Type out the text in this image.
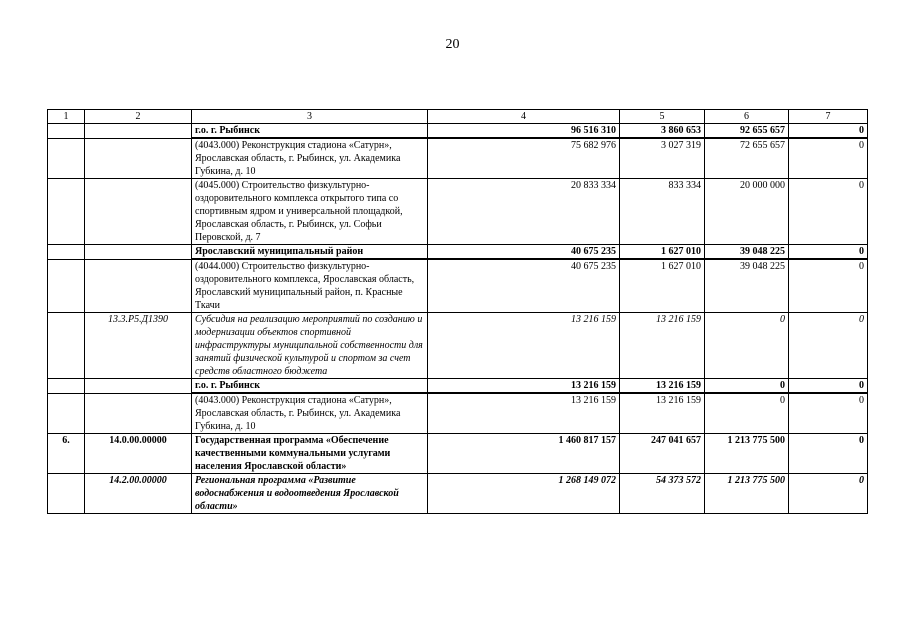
20
1	2	3	4	5	6	7
		г.о. г. Рыбинск	96 516 310	3 860 653	92 655 657	0
		(4043.000) Реконструкция стадиона «Сатурн», Ярославская область, г. Рыбинск, ул. Академика Губкина, д. 10	75 682 976	3 027 319	72 655 657	0
		(4045.000) Строительство физкультурно-оздоровительного комплекса открытого типа со спортивным ядром и универсальной площадкой, Ярославская область, г. Рыбинск, ул. Софьи Перовской, д. 7	20 833 334	833 334	20 000 000	0
		Ярославский муниципальный район	40 675 235	1 627 010	39 048 225	0
		(4044.000) Строительство физкультурно-оздоровительного комплекса, Ярославская область, Ярославский муниципальный район, п. Красные Ткачи	40 675 235	1 627 010	39 048 225	0
	13.3.Р5.Д1390	Субсидия на реализацию мероприятий по созданию и модернизации объектов спортивной инфраструктуры муниципальной собственности для занятий физической культурой и спортом за счет средств областного бюджета	13 216 159	13 216 159	0	0
		г.о. г. Рыбинск	13 216 159	13 216 159	0	0
		(4043.000) Реконструкция стадиона «Сатурн», Ярославская область, г. Рыбинск, ул. Академика Губкина, д. 10	13 216 159	13 216 159	0	0
6.	14.0.00.00000	Государственная программа «Обеспечение качественными коммунальными услугами населения Ярославской области»	1 460 817 157	247 041 657	1 213 775 500	0
	14.2.00.00000	Региональная программа «Развитие водоснабжения и водоотведения Ярославской области»	1 268 149 072	54 373 572	1 213 775 500	0
